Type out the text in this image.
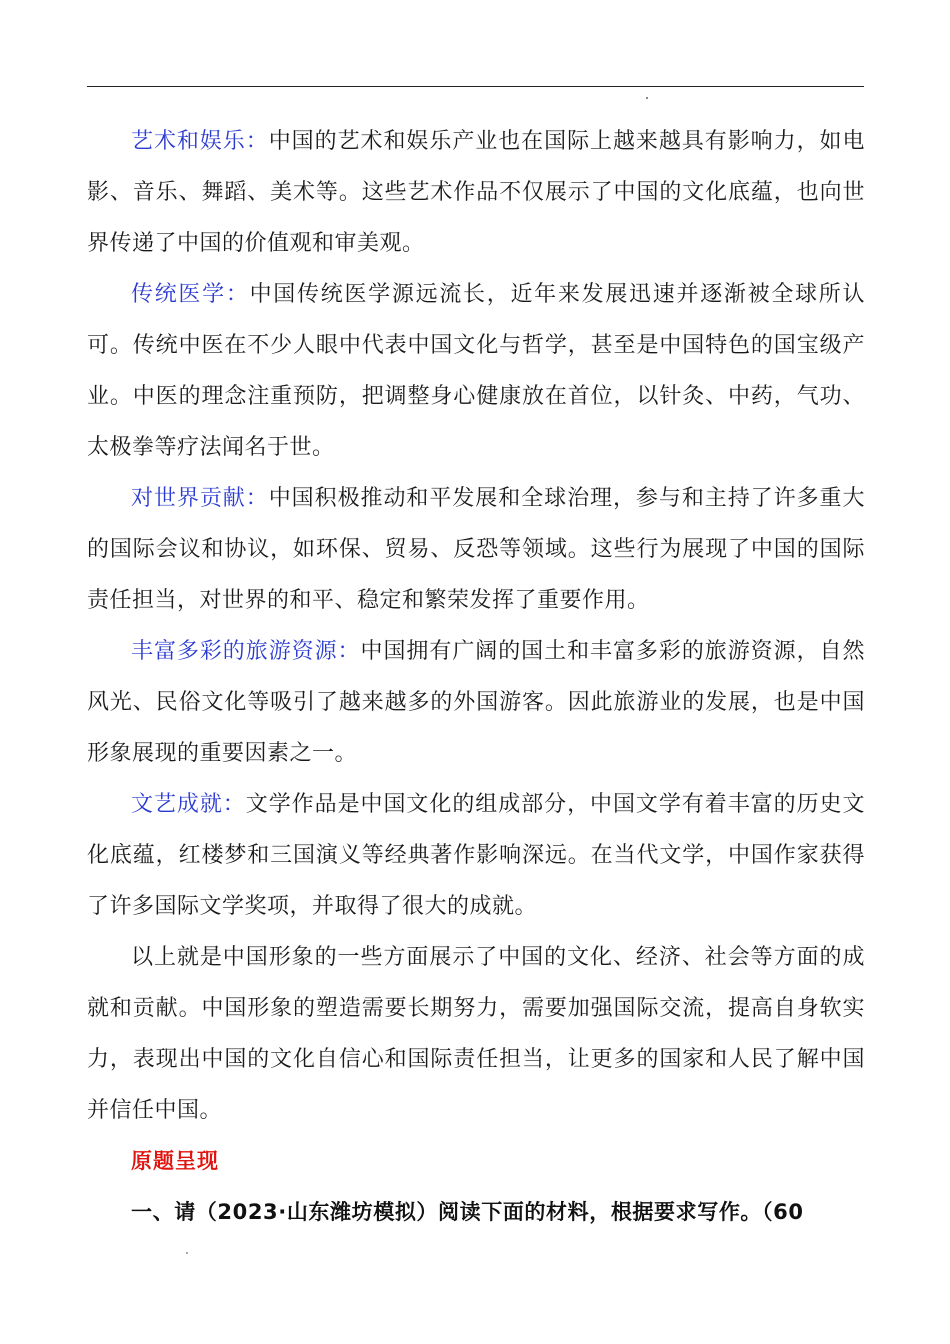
艺术和娱乐：中国的艺术和娱乐产业也在国际上越来越具有影响力，如电影、音乐、舞蹈、美术等。这些艺术作品不仅展示了中国的文化底蕴，也向世界传递了中国的价值观和审美观。

传统医学：中国传统医学源远流长，近年来发展迅速并逐渐被全球所认可。传统中医在不少人眼中代表中国文化与哲学，甚至是中国特色的国宝级产业。中医的理念注重预防，把调整身心健康放在首位，以针灸、中药，气功、太极拳等疗法闻名于世。

对世界贡献：中国积极推动和平发展和全球治理，参与和主持了许多重大的国际会议和协议，如环保、贸易、反恐等领域。这些行为展现了中国的国际责任担当，对世界的和平、稳定和繁荣发挥了重要作用。

丰富多彩的旅游资源：中国拥有广阔的国土和丰富多彩的旅游资源，自然风光、民俗文化等吸引了越来越多的外国游客。因此旅游业的发展，也是中国形象展现的重要因素之一。

文艺成就：文学作品是中国文化的组成部分，中国文学有着丰富的历史文化底蕴，红楼梦和三国演义等经典著作影响深远。在当代文学，中国作家获得了许多国际文学奖项，并取得了很大的成就。

以上就是中国形象的一些方面展示了中国的文化、经济、社会等方面的成就和贡献。中国形象的塑造需要长期努力，需要加强国际交流，提高自身软实力，表现出中国的文化自信心和国际责任担当，让更多的国家和人民了解中国并信任中国。

原题呈现
一、请（2023·山东潍坊模拟）阅读下面的材料，根据要求写作。（60
